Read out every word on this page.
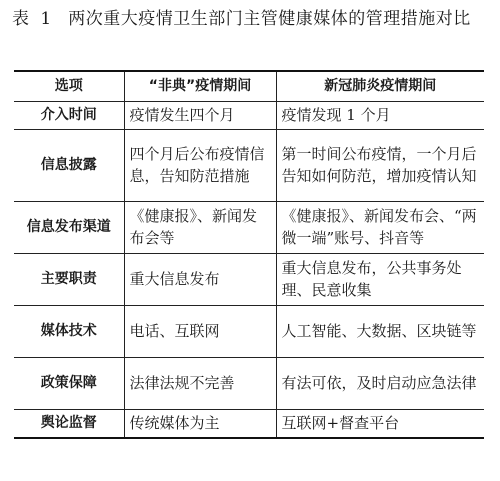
表 1 两次重大疫情卫生部门主管健康媒体的管理措施对比
选项	“非典”疫情期间	新冠肺炎疫情期间
介入时间	疫情发生四个月	疫情发现 1 个月
信息披露	四个月后公布疫情信息，告知防范措施	第一时间公布疫情，一个月后告知如何防范，增加疫情认知
信息发布渠道	《健康报》、新闻发布会等	《健康报》、新闻发布会、“两微一端”账号、抖音等
主要职责	重大信息发布	重大信息发布，公共事务处理、民意收集
媒体技术	电话、互联网	人工智能、大数据、区块链等
政策保障	法律法规不完善	有法可依，及时启动应急法律
舆论监督	传统媒体为主	互联网+督查平台
